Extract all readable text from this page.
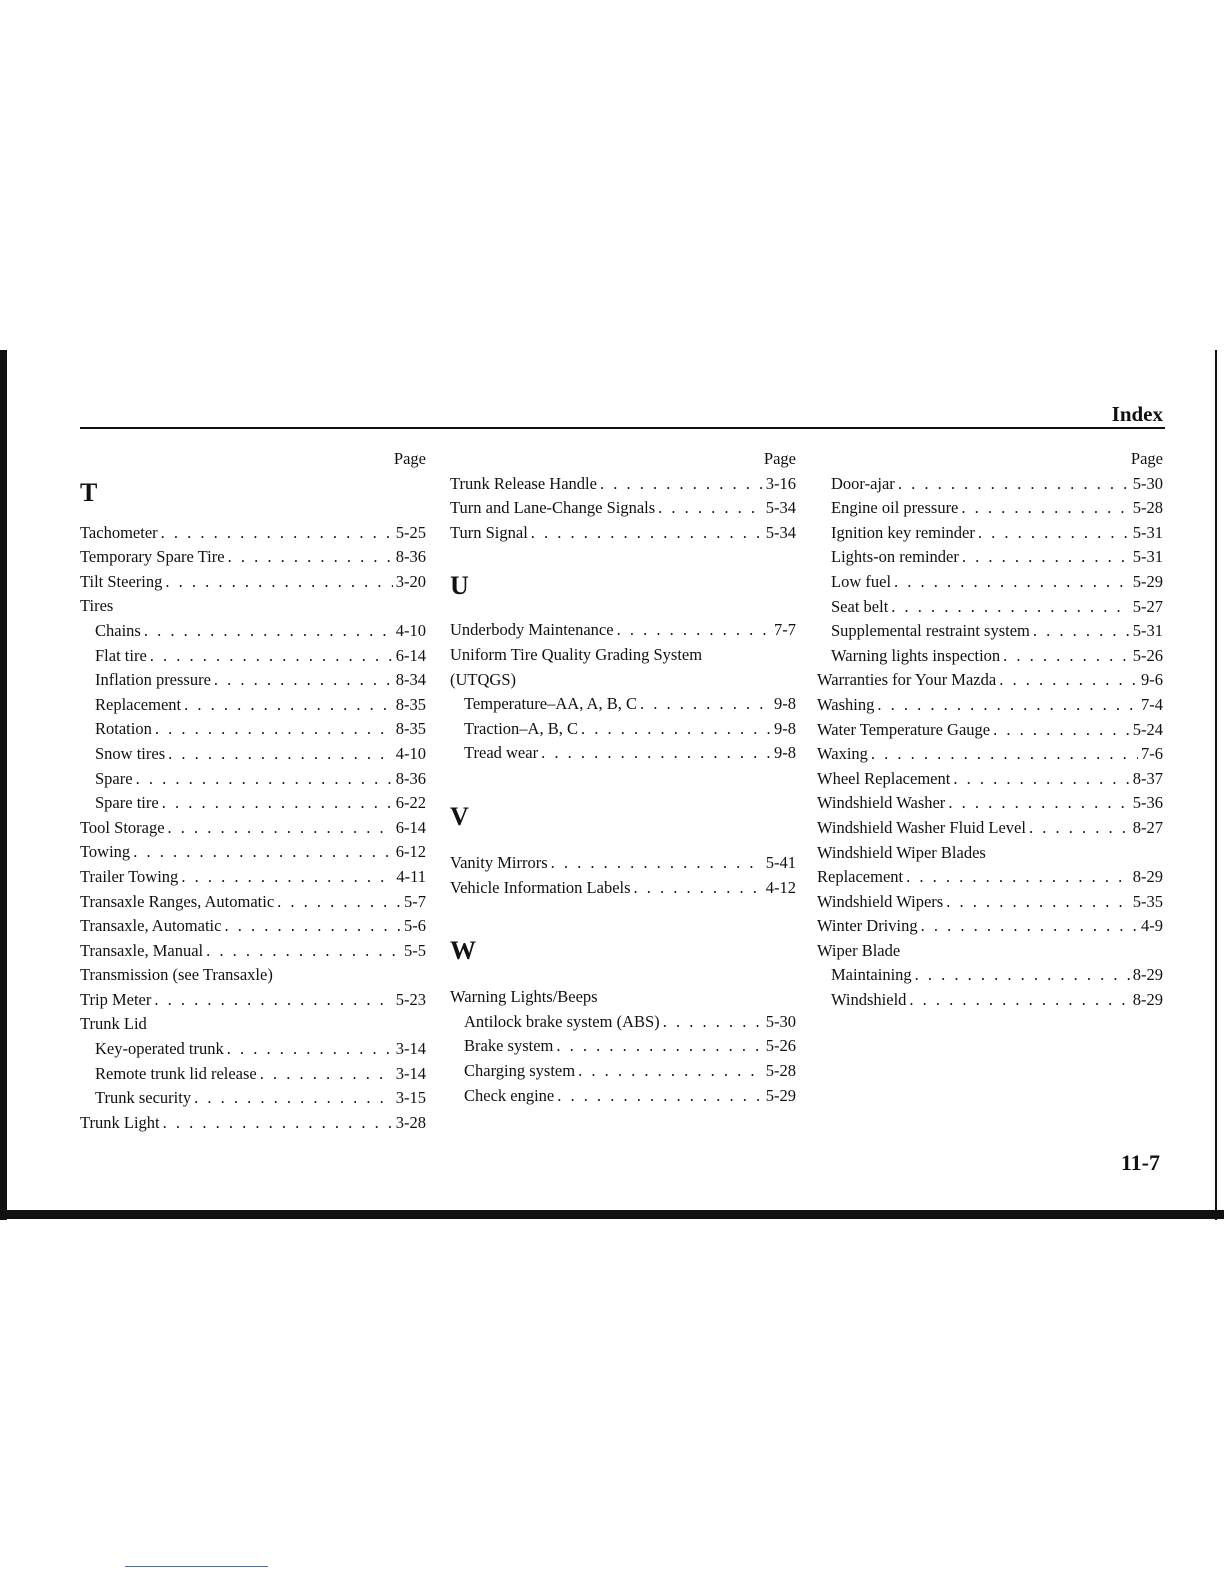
Index
11-7
Page
T
Tachometer . . .	5-25
Temporary Spare Tire . . .	8-36
Tilt Steering . . .	3-20
Tires
Chains . . .	4-10
Flat tire . . .	6-14
Inflation pressure . . .	8-34
Replacement . . .	8-35
Rotation . . .	8-35
Snow tires . . .	4-10
Spare . . .	8-36
Spare tire . . .	6-22
Tool Storage . . .	6-14
Towing . . .	6-12
Trailer Towing . . .	4-11
Transaxle Ranges, Automatic . . .	5-7
Transaxle, Automatic . . .	5-6
Transaxle, Manual . . .	5-5
Transmission (see Transaxle)
Trip Meter . . .	5-23
Trunk Lid
Key-operated trunk . . .	3-14
Remote trunk lid release . . .	3-14
Trunk security . . .	3-15
Trunk Light . . .	3-28
Page
Trunk Release Handle . . .	3-16
Turn and Lane-Change Signals . . .	5-34
Turn Signal . . .	5-34
U
Underbody Maintenance . . .	7-7
Uniform Tire Quality Grading System
(UTQGS)
Temperature–AA, A, B, C . . .	9-8
Traction–A, B, C . . .	9-8
Tread wear . . .	9-8
V
Vanity Mirrors . . .	5-41
Vehicle Information Labels . . .	4-12
W
Warning Lights/Beeps
Antilock brake system (ABS) . . .	5-30
Brake system . . .	5-26
Charging system . . .	5-28
Check engine . . .	5-29
Page
Door-ajar . . .	5-30
Engine oil pressure . . .	5-28
Ignition key reminder . . .	5-31
Lights-on reminder . . .	5-31
Low fuel . . .	5-29
Seat belt . . .	5-27
Supplemental restraint system . . .	5-31
Warning lights inspection . . .	5-26
Warranties for Your Mazda . . .	9-6
Washing . . .	7-4
Water Temperature Gauge . . .	5-24
Waxing . . .	7-6
Wheel Replacement . . .	8-37
Windshield Washer . . .	5-36
Windshield Washer Fluid Level . . .	8-27
Windshield Wiper Blades
Replacement . . .	8-29
Windshield Wipers . . .	5-35
Winter Driving . . .	4-9
Wiper Blade
Maintaining . . .	8-29
Windshield . . .	8-29
